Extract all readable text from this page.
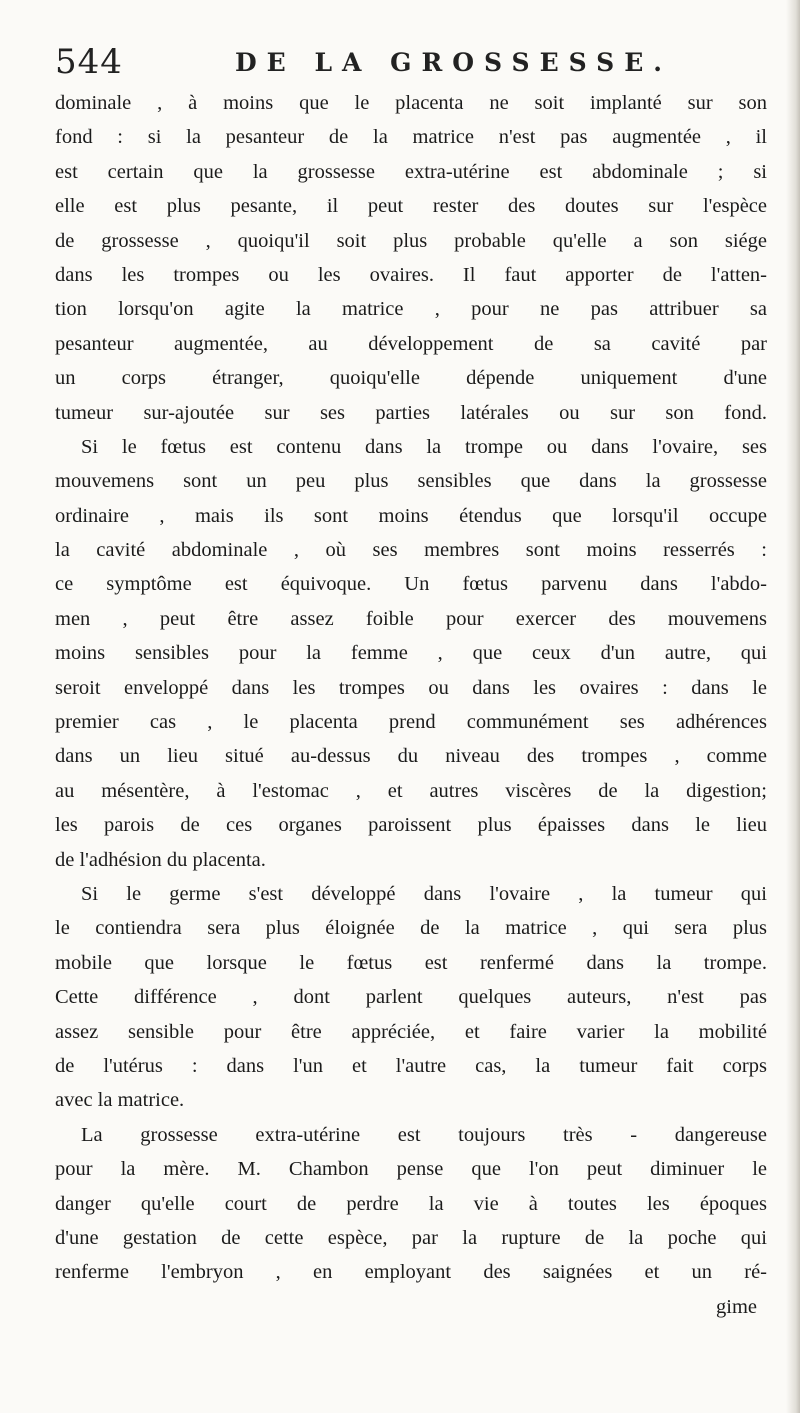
544	DE LA GROSSESSE.
dominale , à moins que le placenta ne soit implanté sur son
fond : si la pesanteur de la matrice n'est pas augmentée , il
est certain que la grossesse extra-utérine est abdominale ; si
elle est plus pesante, il peut rester des doutes sur l'espèce
de grossesse , quoiqu'il soit plus probable qu'elle a son siége
dans les trompes ou les ovaires. Il faut apporter de l'atten-
tion lorsqu'on agite la matrice , pour ne pas attribuer sa
pesanteur augmentée, au développement de sa cavité par
un corps étranger, quoiqu'elle dépende uniquement d'une
tumeur sur-ajoutée sur ses parties latérales ou sur son fond.
Si le fœtus est contenu dans la trompe ou dans l'ovaire, ses
mouvemens sont un peu plus sensibles que dans la grossesse
ordinaire , mais ils sont moins étendus que lorsqu'il occupe
la cavité abdominale , où ses membres sont moins resserrés :
ce symptôme est équivoque. Un fœtus parvenu dans l'abdo-
men , peut être assez foible pour exercer des mouvemens
moins sensibles pour la femme , que ceux d'un autre, qui
seroit enveloppé dans les trompes ou dans les ovaires : dans le
premier cas , le placenta prend communément ses adhérences
dans un lieu situé au-dessus du niveau des trompes , comme
au mésentère, à l'estomac , et autres viscères de la digestion;
les parois de ces organes paroissent plus épaisses dans le lieu
de l'adhésion du placenta.
Si le germe s'est développé dans l'ovaire , la tumeur qui
le contiendra sera plus éloignée de la matrice , qui sera plus
mobile que lorsque le fœtus est renfermé dans la trompe.
Cette différence , dont parlent quelques auteurs, n'est pas
assez sensible pour être appréciée, et faire varier la mobilité
de l'utérus : dans l'un et l'autre cas, la tumeur fait corps
avec la matrice.
La grossesse extra-utérine est toujours très - dangereuse
pour la mère. M. Chambon pense que l'on peut diminuer le
danger qu'elle court de perdre la vie à toutes les époques
d'une gestation de cette espèce, par la rupture de la poche qui
renferme l'embryon , en employant des saignées et un ré-
gime
